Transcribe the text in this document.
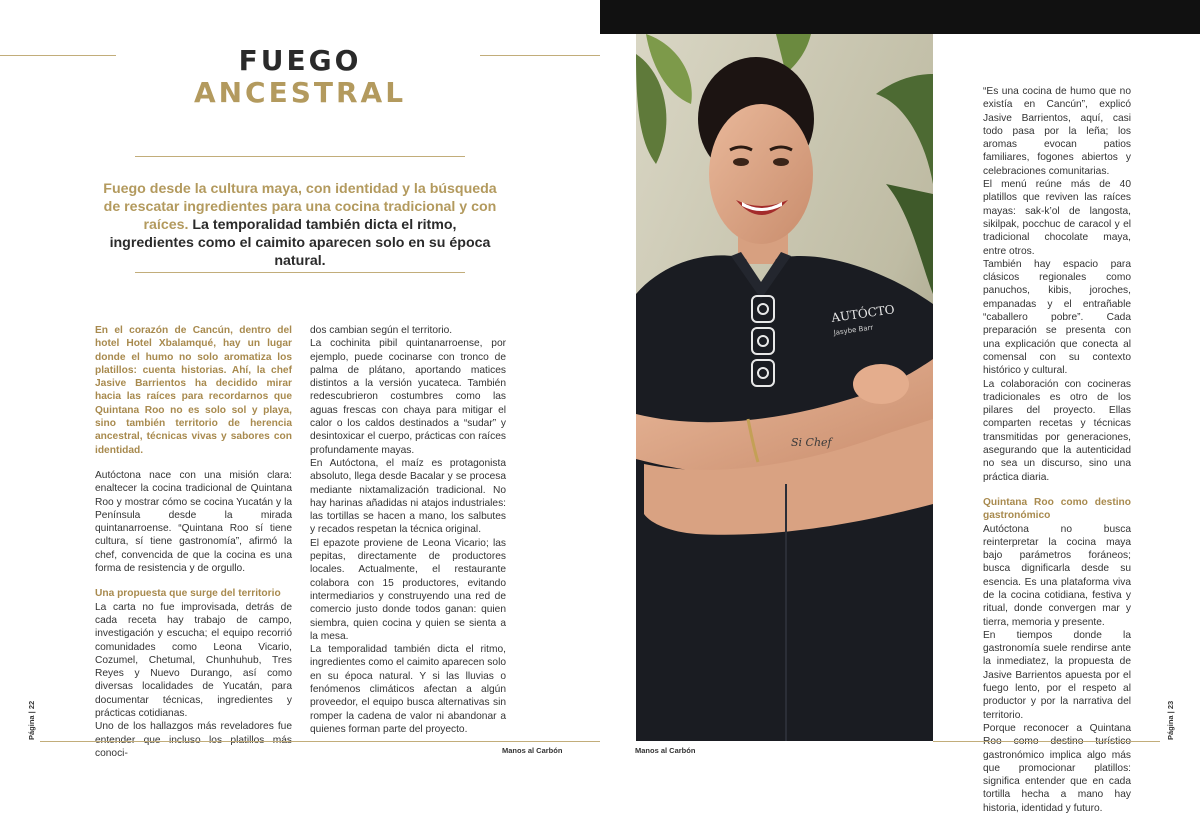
FUEGO
ANCESTRAL
Fuego desde la cultura maya, con identidad y la búsqueda de rescatar ingredientes para una cocina tradicional y con raíces. La temporalidad también dicta el ritmo, ingredientes como el caimito aparecen solo en su época natural.

En el corazón de Cancún, dentro del hotel Hotel Xbalamqué, hay un lugar donde el humo no solo aromatiza los platillos: cuenta historias. Ahí, la chef Jasive Barrientos ha decidido mirar hacia las raíces para recordarnos que Quintana Roo no es solo sol y playa, sino también territorio de herencia ancestral, técnicas vivas y sabores con identidad.

Autóctona nace con una misión clara: enaltecer la cocina tradicional de Quintana Roo y mostrar cómo se cocina Yucatán y la Península desde la mirada quintanarroense. “Quintana Roo sí tiene cultura, sí tiene gastronomía”, afirmó la chef, convencida de que la cocina es una forma de resistencia y de orgullo.

Una propuesta que surge del territorio

La carta no fue improvisada, detrás de cada receta hay trabajo de campo, investigación y escucha; el equipo recorrió comunidades como Leona Vicario, Cozumel, Chetumal, Chunhuhub, Tres Reyes y Nuevo Durango, así como diversas localidades de Yucatán, para documentar técnicas, ingredientes y prácticas cotidianas.

Uno de los hallazgos más reveladores fue conoci-

dos cambian según el territorio.

La cochinita pibil quintanarroense, por ejemplo, puede cocinarse con tronco de palma de plátano, aportando matices distintos a la versión yucateca. También redescubrieron costumbres como las aguas frescas con chaya para mitigar el calor o los caldos destinados a “sudar” y desintoxicar el cuerpo, prácticas con raíces profundamente mayas.

En Autóctona, el maíz es protagonista absoluto, llega desde Bacalar y se procesa mediante nixtamalización tradicional. No hay harinas añadidas ni atajos industriales: las tortillas se hacen a mano, los salbutes y recados respetan la técnica original.

El epazote proviene de Leona Vicario; las pepitas, directamente de productores locales. Actualmente, el restaurante colabora con 15 productores, evitando intermediarios y construyendo una red de comercio justo donde todos ganan: quien siembra, quien cocina y quien se sienta a la mesa.

La temporalidad también dicta el ritmo, ingredientes como el caimito aparecen solo en su época natural. Y si las lluvias o fenómenos climáticos afectan a algún proveedor, el equipo busca alternativas sin romper la cadena de valor ni abandonar a quienes forman parte del proyecto.

Página | 22
Manos al Carbón
AUTÓCTO
Jasybe Barr
Si Chef

“Es una cocina de humo que no existía en Cancún”, explicó Jasive Barrientos, aquí, casi todo pasa por la leña; los aromas evocan patios familiares, fogones abiertos y celebraciones comunitarias.

El menú reúne más de 40 platillos que reviven las raíces mayas: sak-k’ol de langosta, sikilpak, pocchuc de caracol y el tradicional chocolate maya, entre otros.

También hay espacio para clásicos regionales como panuchos, kibis, joroches, empanadas y el entrañable “caballero pobre”. Cada preparación se presenta con una explicación que conecta al comensal con su contexto histórico y cultural.

La colaboración con cocineras tradicionales es otro de los pilares del proyecto. Ellas comparten recetas y técnicas transmitidas por generaciones, asegurando que la autenticidad no sea un discurso, sino una práctica diaria.

Quintana Roo como destino gastronómico

Autóctona no busca reinterpretar la cocina maya bajo parámetros foráneos; busca dignificarla desde su esencia. Es una plataforma viva de la cocina cotidiana, festiva y ritual, donde convergen mar y tierra, memoria y presente.

En tiempos donde la gastronomía suele rendirse ante la inmediatez, la propuesta de Jasive Barrientos apuesta por el fuego lento, por el respeto al productor y por la narrativa del territorio.

Porque reconocer a Quintana gastronómico implica algo más que promocionar platillos: significa entender que en cada tortilla hecha a mano hay historia, identidad y futuro.

Manos al Carbón
Página | 23
